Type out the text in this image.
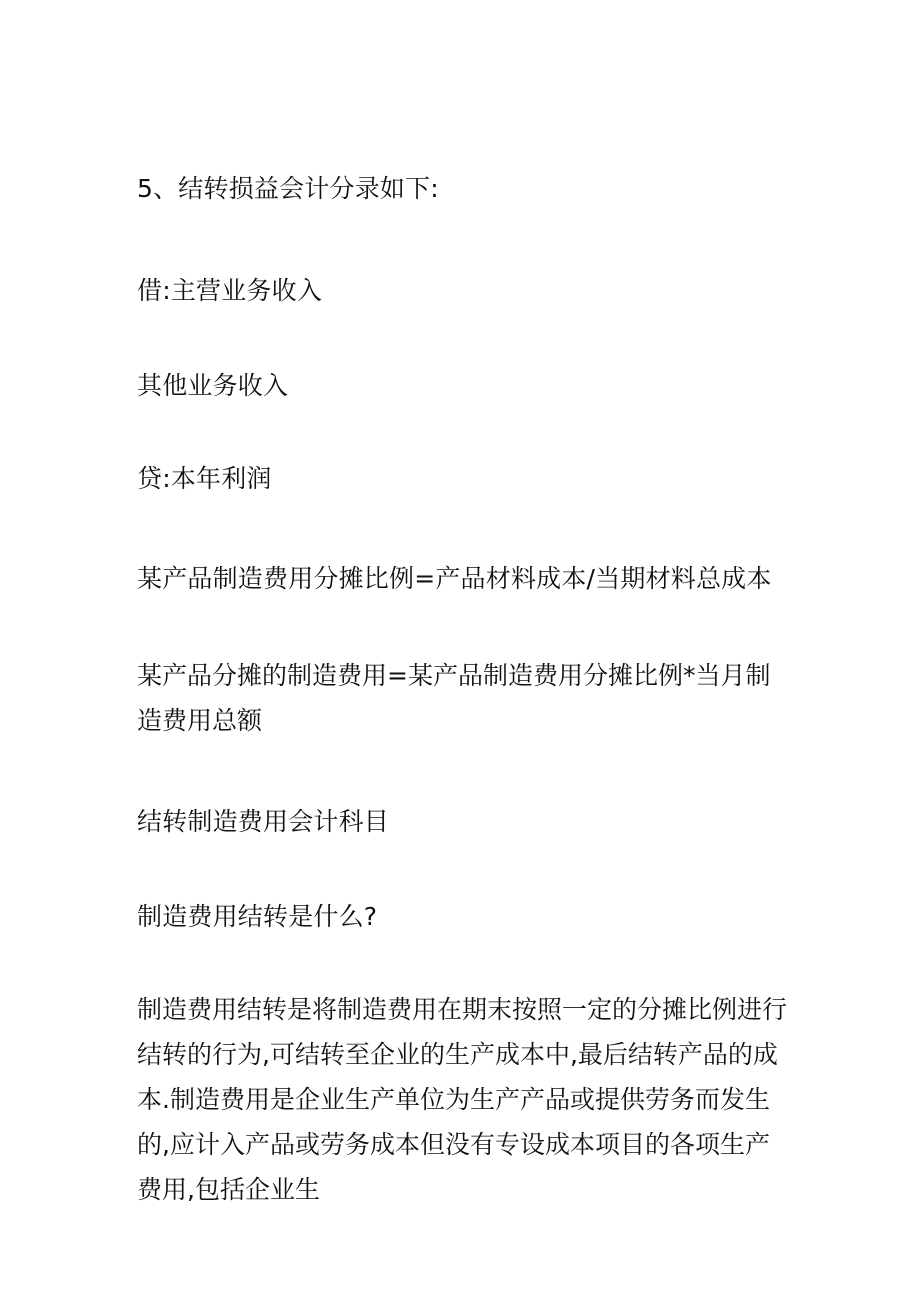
5、结转损益会计分录如下:
借:主营业务收入
其他业务收入
贷:本年利润
某产品制造费用分摊比例=产品材料成本/当期材料总成本
某产品分摊的制造费用=某产品制造费用分摊比例*当月制造费用总额
结转制造费用会计科目
制造费用结转是什么?
制造费用结转是将制造费用在期末按照一定的分摊比例进行结转的行为,可结转至企业的生产成本中,最后结转产品的成本.制造费用是企业生产单位为生产产品或提供劳务而发生的,应计入产品或劳务成本但没有专设成本项目的各项生产费用,包括企业生
